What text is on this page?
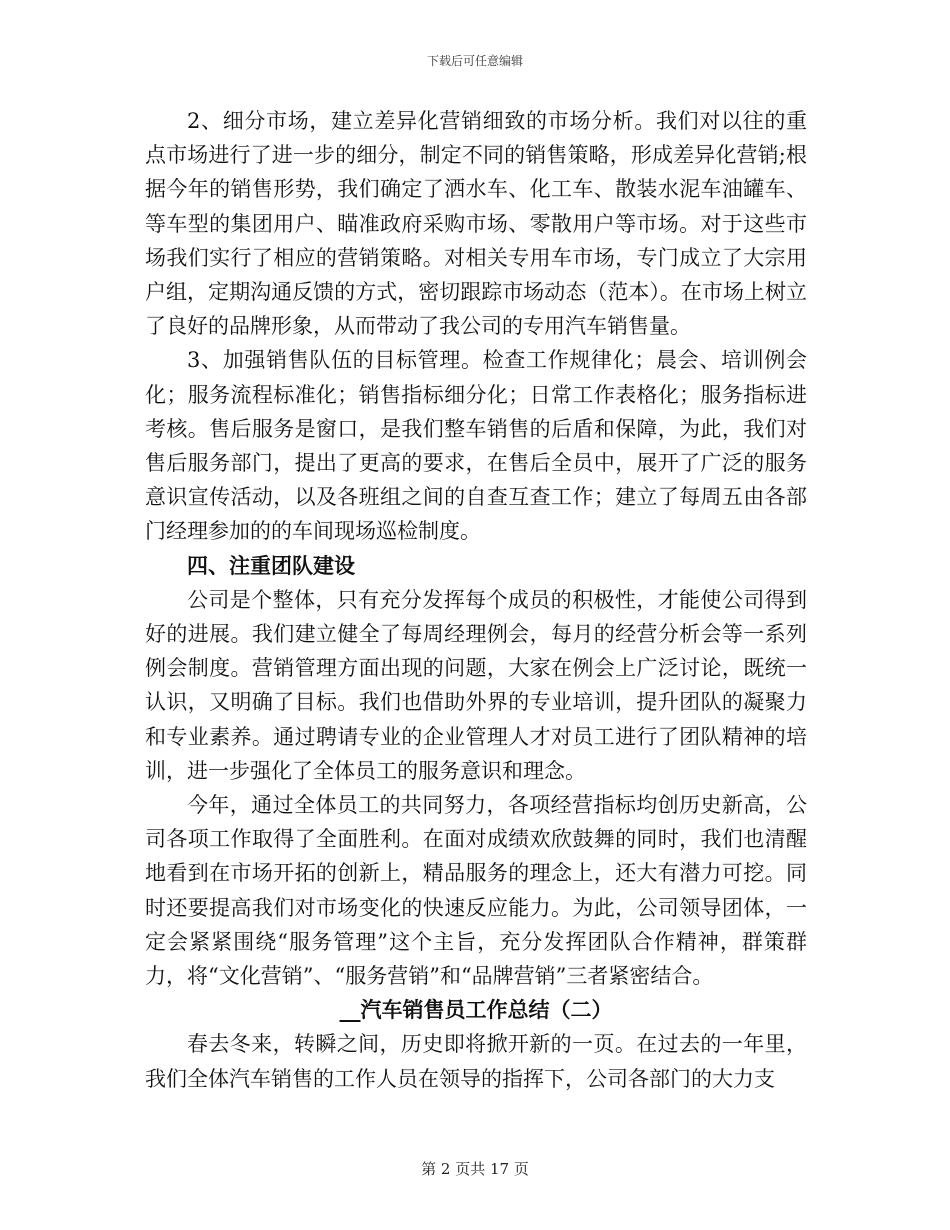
下载后可任意编辑

2、细分市场，建立差异化营销细致的市场分析。我们对以往的重点市场进行了进一步的细分，制定不同的销售策略，形成差异化营销;根据今年的销售形势，我们确定了洒水车、化工车、散装水泥车油罐车、等车型的集团用户、瞄准政府采购市场、零散用户等市场。对于这些市场我们实行了相应的营销策略。对相关专用车市场，专门成立了大宗用户组，定期沟通反馈的方式，密切跟踪市场动态（范本）。在市场上树立了良好的品牌形象，从而带动了我公司的专用汽车销售量。

3、加强销售队伍的目标管理。检查工作规律化；晨会、培训例会化；服务流程标准化；销售指标细分化；日常工作表格化；服务指标进考核。售后服务是窗口，是我们整车销售的后盾和保障，为此，我们对售后服务部门，提出了更高的要求，在售后全员中，展开了广泛的服务意识宣传活动，以及各班组之间的自查互查工作；建立了每周五由各部门经理参加的的车间现场巡检制度。

四、注重团队建设

公司是个整体，只有充分发挥每个成员的积极性，才能使公司得到好的进展。我们建立健全了每周经理例会，每月的经营分析会等一系列例会制度。营销管理方面出现的问题，大家在例会上广泛讨论，既统一认识，又明确了目标。我们也借助外界的专业培训，提升团队的凝聚力和专业素养。通过聘请专业的企业管理人才对员工进行了团队精神的培训，进一步强化了全体员工的服务意识和理念。

今年，通过全体员工的共同努力，各项经营指标均创历史新高，公司各项工作取得了全面胜利。在面对成绩欢欣鼓舞的同时，我们也清醒地看到在市场开拓的创新上，精品服务的理念上，还大有潜力可挖。同时还要提高我们对市场变化的快速反应能力。为此，公司领导团体，一定会紧紧围绕“服务管理”这个主旨，充分发挥团队合作精神，群策群力，将“文化营销”、“服务营销”和“品牌营销”三者紧密结合。

__汽车销售员工作总结（二）

春去冬来，转瞬之间，历史即将掀开新的一页。在过去的一年里，我们全体汽车销售的工作人员在领导的指挥下，公司各部门的大力支

第 2 页共 17 页
